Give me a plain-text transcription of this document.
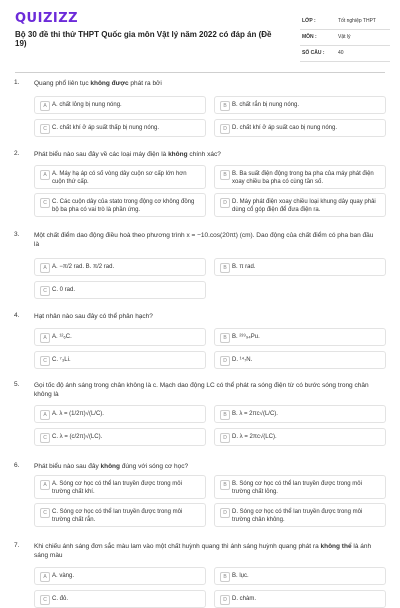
QUIZIZZ
Bộ 30 đề thi thử THPT Quốc gia môn Vật lý năm 2022 có đáp án (Đề 19)
LỚP :	Tốt nghiệp THPT
MÔN :	Vật lý
SỐ CÂU :	40
1. Quang phổ liên tục không được phát ra bởi
A A. chất lỏng bị nung nóng.	B B. chất rắn bị nung nóng.
C C. chất khí ở áp suất thấp bị nung nóng.	D D. chất khí ở áp suất cao bị nung nóng.
2. Phát biểu nào sau đây về các loại máy điện là không chính xác?
A A. Máy hạ áp có số vòng dây cuộn sơ cấp lớn hơn cuộn thứ cấp.
B B. Ba suất điện động trong ba pha của máy phát điện xoay chiều ba pha có cùng tần số.
C C. Các cuộn dây của stato trong động cơ không đồng bộ ba pha có vai trò là phần ứng.
D D. Máy phát điện xoay chiều loại khung dây quay phải dùng cổ góp điện để đưa điện ra.
3. Một chất điểm dao động điều hoà theo phương trình x = −10.cos(20πt) (cm). Dao động của chất điểm có pha ban đầu là
A A. −π/2 rad. B. π/2 rad.	B B. π rad.
C C. 0 rad.
4. Hạt nhân nào sau đây có thể phân hạch?
A A. ¹²₆C.	B B. ²³⁹₉₄Pu.
C C. ⁷₃Li.	D D. ¹⁴₇N.
5. Gọi tốc độ ánh sáng trong chân không là c. Mạch dao động LC có thể phát ra sóng điện từ có bước sóng trong chân không là
A A. λ = (1/2π)√(L/C).	B B. λ = 2πc√(L/C).
C C. λ = (c/2π)√(LC).	D D. λ = 2πc√(LC).
6. Phát biểu nào sau đây không đúng với sóng cơ học?
A A. Sóng cơ học có thể lan truyền được trong môi trường chất khí.
B B. Sóng cơ học có thể lan truyền được trong môi trường chất lỏng.
C C. Sóng cơ học có thể lan truyền được trong môi trường chất rắn.
D D. Sóng cơ học có thể lan truyền được trong môi trường chân không.
7. Khi chiếu ánh sáng đơn sắc màu lam vào một chất huỳnh quang thì ánh sáng huỳnh quang phát ra không thể là ánh sáng màu
A A. vàng.	B B. lục.
C C. đỏ.	D D. chàm.
